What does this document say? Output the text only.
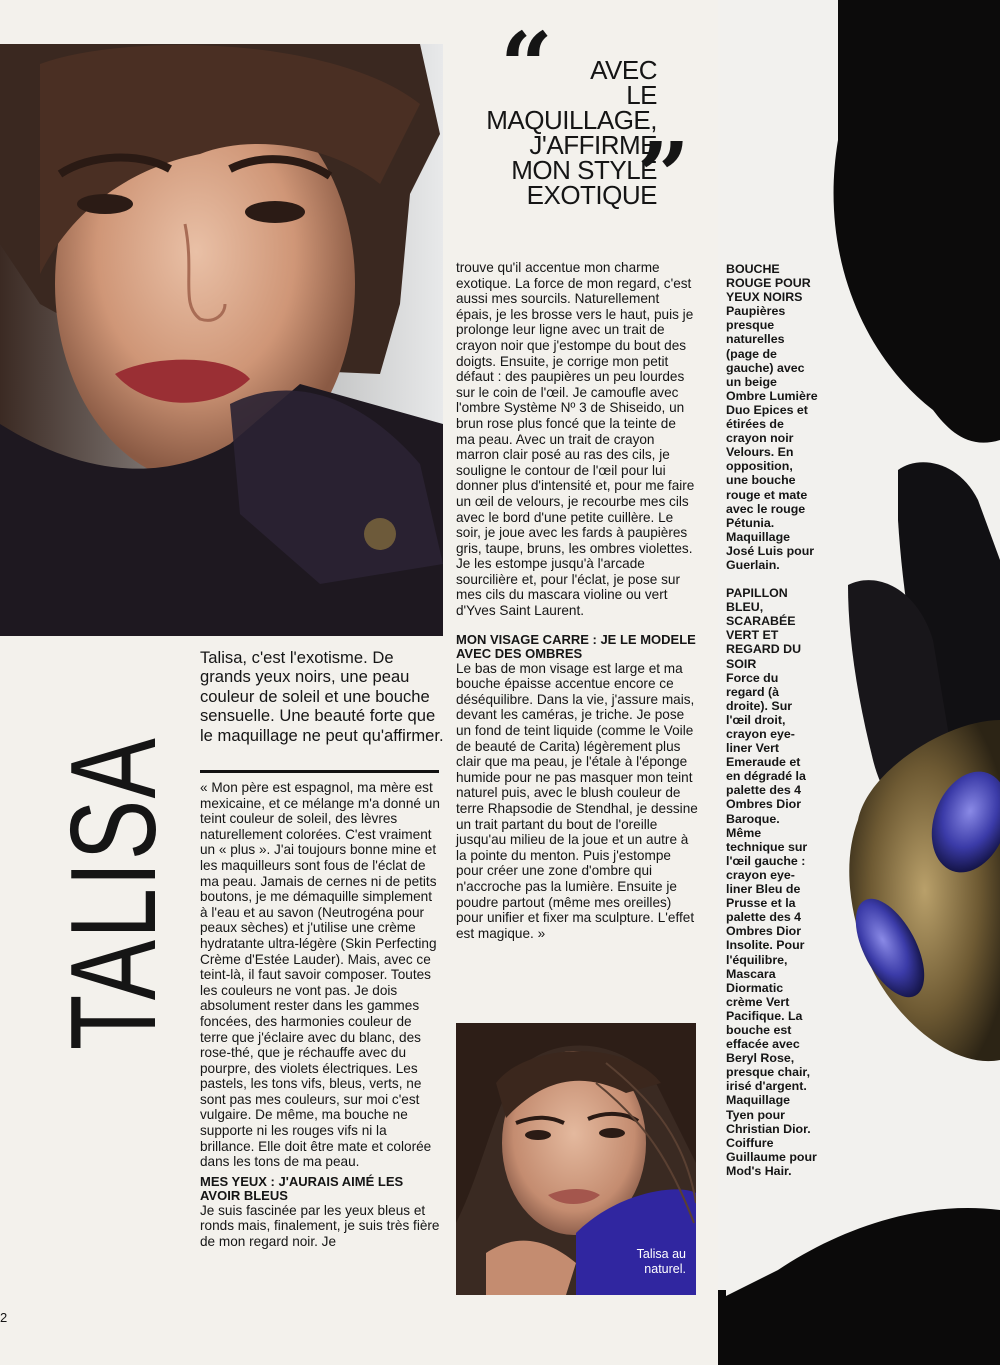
“	AVEC
LE MAQUILLAGE,
J'AFFIRME
MON STYLE
EXOTIQUE
”
TALISA

Talisa, c'est l'exotisme. De grands yeux noirs, une peau couleur de soleil et une bouche sensuelle. Une beauté forte que le maquillage ne peut qu'affirmer.

« Mon père est espagnol, ma mère est mexicaine, et ce mélange m'a donné un teint couleur de soleil, des lèvres naturellement colorées. C'est vraiment un « plus ». J'ai toujours bonne mine et les maquilleurs sont fous de l'éclat de ma peau. Jamais de cernes ni de petits boutons, je me démaquille simplement à l'eau et au savon (Neutrogéna pour peaux sèches) et j'utilise une crème hydratante ultra-légère (Skin Perfecting Crème d'Estée Lauder). Mais, avec ce teint-là, il faut savoir composer. Toutes les couleurs ne vont pas. Je dois absolument rester dans les gammes foncées, des harmonies couleur de terre que j'éclaire avec du blanc, des rose-thé, que je réchauffe avec du pourpre, des violets électriques. Les pastels, les tons vifs, bleus, verts, ne sont pas mes couleurs, sur moi c'est vulgaire. De même, ma bouche ne supporte ni les rouges vifs ni la brillance. Elle doit être mate et colorée dans les tons de ma peau.

MES YEUX : J'AURAIS AIMÉ LES AVOIR BLEUS

Je suis fascinée par les yeux bleus et ronds mais, finalement, je suis très fière de mon regard noir. Je

trouve qu'il accentue mon charme exotique. La force de mon regard, c'est aussi mes sourcils. Naturellement épais, je les brosse vers le haut, puis je prolonge leur ligne avec un trait de crayon noir que j'estompe du bout des doigts. Ensuite, je corrige mon petit défaut : des paupières un peu lourdes sur le coin de l'œil. Je camoufle avec l'ombre Système Nº 3 de Shiseido, un brun rose plus foncé que la teinte de ma peau. Avec un trait de crayon marron clair posé au ras des cils, je souligne le contour de l'œil pour lui donner plus d'intensité et, pour me faire un œil de velours, je recourbe mes cils avec le bord d'une petite cuillère. Le soir, je joue avec les fards à paupières gris, taupe, bruns, les ombres violettes. Je les estompe jusqu'à l'arcade sourcilière et, pour l'éclat, je pose sur mes cils du mascara violine ou vert d'Yves Saint Laurent.

MON VISAGE CARRE : JE LE MODELE AVEC DES OMBRES

Le bas de mon visage est large et ma bouche épaisse accentue encore ce déséquilibre. Dans la vie, j'assure mais, devant les caméras, je triche. Je pose un fond de teint liquide (comme le Voile de beauté de Carita) légèrement plus clair que ma peau, je l'étale à l'éponge humide pour ne pas masquer mon teint naturel puis, avec le blush couleur de terre Rhapsodie de Stendhal, je dessine un trait partant du bout de l'oreille jusqu'au milieu de la joue et un autre à la pointe du menton. Puis j'estompe pour créer une zone d'ombre qui n'accroche pas la lumière. Ensuite je poudre partout (même mes oreilles) pour unifier et fixer ma sculpture. L'effet est magique. »

Talisa au naturel.

BOUCHE ROUGE POUR YEUX NOIRS
Paupières presque naturelles (page de gauche) avec un beige Ombre Lumière Duo Epices et étirées de crayon noir Velours. En opposition, une bouche rouge et mate avec le rouge Pétunia. Maquillage José Luis pour Guerlain.

PAPILLON BLEU, SCARABÉE VERT ET REGARD DU SOIR
Force du regard (à droite). Sur l'œil droit, crayon eye-liner Vert Emeraude et en dégradé la palette des 4 Ombres Dior Baroque. Même technique sur l'œil gauche : crayon eye-liner Bleu de Prusse et la palette des 4 Ombres Dior Insolite. Pour l'équilibre, Mascara Diormatic crème Vert Pacifique. La bouche est effacée avec Beryl Rose, presque chair, irisé d'argent. Maquillage Tyen pour Christian Dior. Coiffure Guillaume pour Mod's Hair.

2
